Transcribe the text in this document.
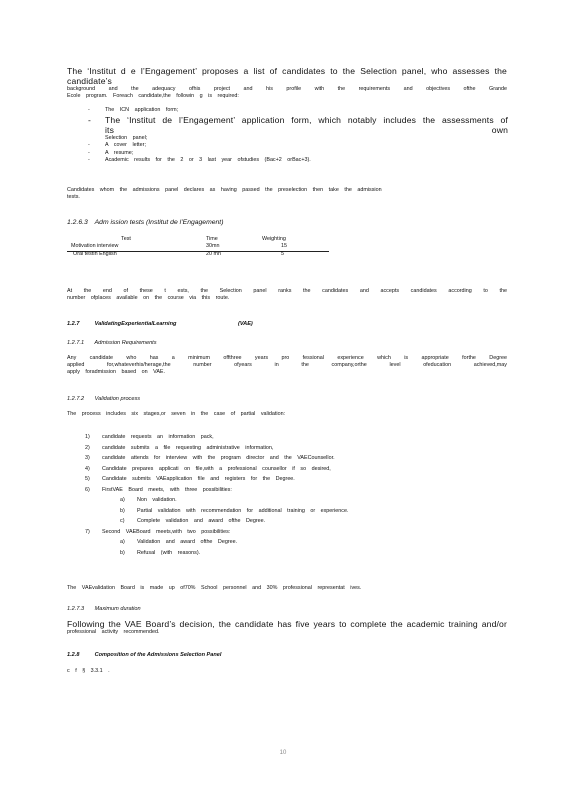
The ‘Institut d e l’Engagement’ proposes a list of candidates to the Selection panel, who assesses the candidate’s
background and the adequacy ofhis project and his profile with the requirements and objectives ofthe Grande
Ecole program. Foreach candidate,the followin g is required:
- The ICN application form;
- The ‘Institut de l’Engagement’ application form, which notably includes the assessments of its own
Selection panel;
- A cover letter;
- A resume;
- Academic results for the 2 or 3 last year ofstudies (Bac+2 orBac+3).
Candidates whom the admissions panel declares as having passed the preselection then take the admission
tests.
1.2.6.3 Adm ission tests (Institut de l’Engagement)
Test	Time	Weighting
Motivation interview	30mn	15
Oral testin English	20 mn	5
At the end of these t ests, the Selection panel ranks the candidates and accepts candidates according to the
number ofplaces available on the course via this route.
1.2.7	ValidatingExperientialLearning	(VAE)
1.2.7.1 Admission Requirements
Any candidate who has a minimum offthree years pro fessional experience which is appropriate forthe Degree
applied for,whateverhis/herage,the number ofyears in the company,orthe level ofeducation achieved,may
apply foradmission based on VAE.
1.2.7.2 Validation process
The process includes six stages,or seven in the case of partial validation:
1) candidate requests an information pack,
2) candidate submits a file requesting administrative information,
3) candidate attends for interview with the program director and the VAECounsellor.
4) Candidate prepares applicati on file,with a professional counsellor if so desired,
5) Candidate submits VAEapplication file and registers for the Degree.
6) FirstVAE Board meets, with three possibilities:
a) Non validation.
b) Partial validation with recommendation for additional training or experience.
c) Complete validation and award ofthe Degree.
7) Second VAEBoard meets,with two possibilities:
a) Validation and award ofthe Degree.
b) Refusal (with reasons).
The VAEvalidation Board is made up of70% School personnel and 30% professional representat ives.
1.2.7.3 Maximum duration
Following the VAE Board’s decision, the candidate has five years to complete the academic training and/or
professional activity recommended.
1.2.8	Composition of the Admissions Selection Panel
c f § 3.3.1 .
10
